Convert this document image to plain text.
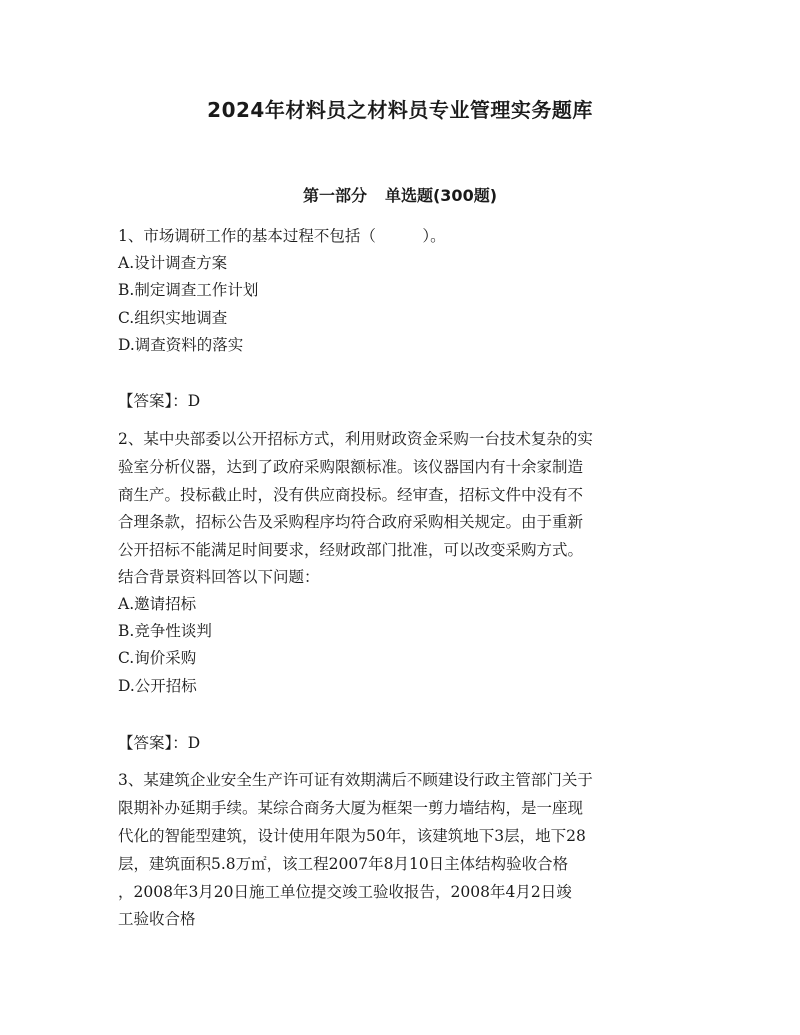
2024年材料员之材料员专业管理实务题库
第一部分 单选题(300题)
1、市场调研工作的基本过程不包括（　　　）。
A.设计调查方案
B.制定调查工作计划
C.组织实地调查
D.调查资料的落实
【答案】：D
2、某中央部委以公开招标方式，利用财政资金采购一台技术复杂的实
验室分析仪器，达到了政府采购限额标准。该仪器国内有十余家制造
商生产。投标截止时，没有供应商投标。经审查，招标文件中没有不
合理条款，招标公告及采购程序均符合政府采购相关规定。由于重新
公开招标不能满足时间要求，经财政部门批准，可以改变采购方式。
结合背景资料回答以下问题：
A.邀请招标
B.竞争性谈判
C.询价采购
D.公开招标
【答案】：D
3、某建筑企业安全生产许可证有效期满后不顾建设行政主管部门关于
限期补办延期手续。某综合商务大厦为框架一剪力墙结构，是一座现
代化的智能型建筑，设计使用年限为50年，该建筑地下3层，地下28
层，建筑面积5.8万㎡，该工程2007年8月10日主体结构验收合格
，2008年3月20日施工单位提交竣工验收报告，2008年4月2日竣
工验收合格
